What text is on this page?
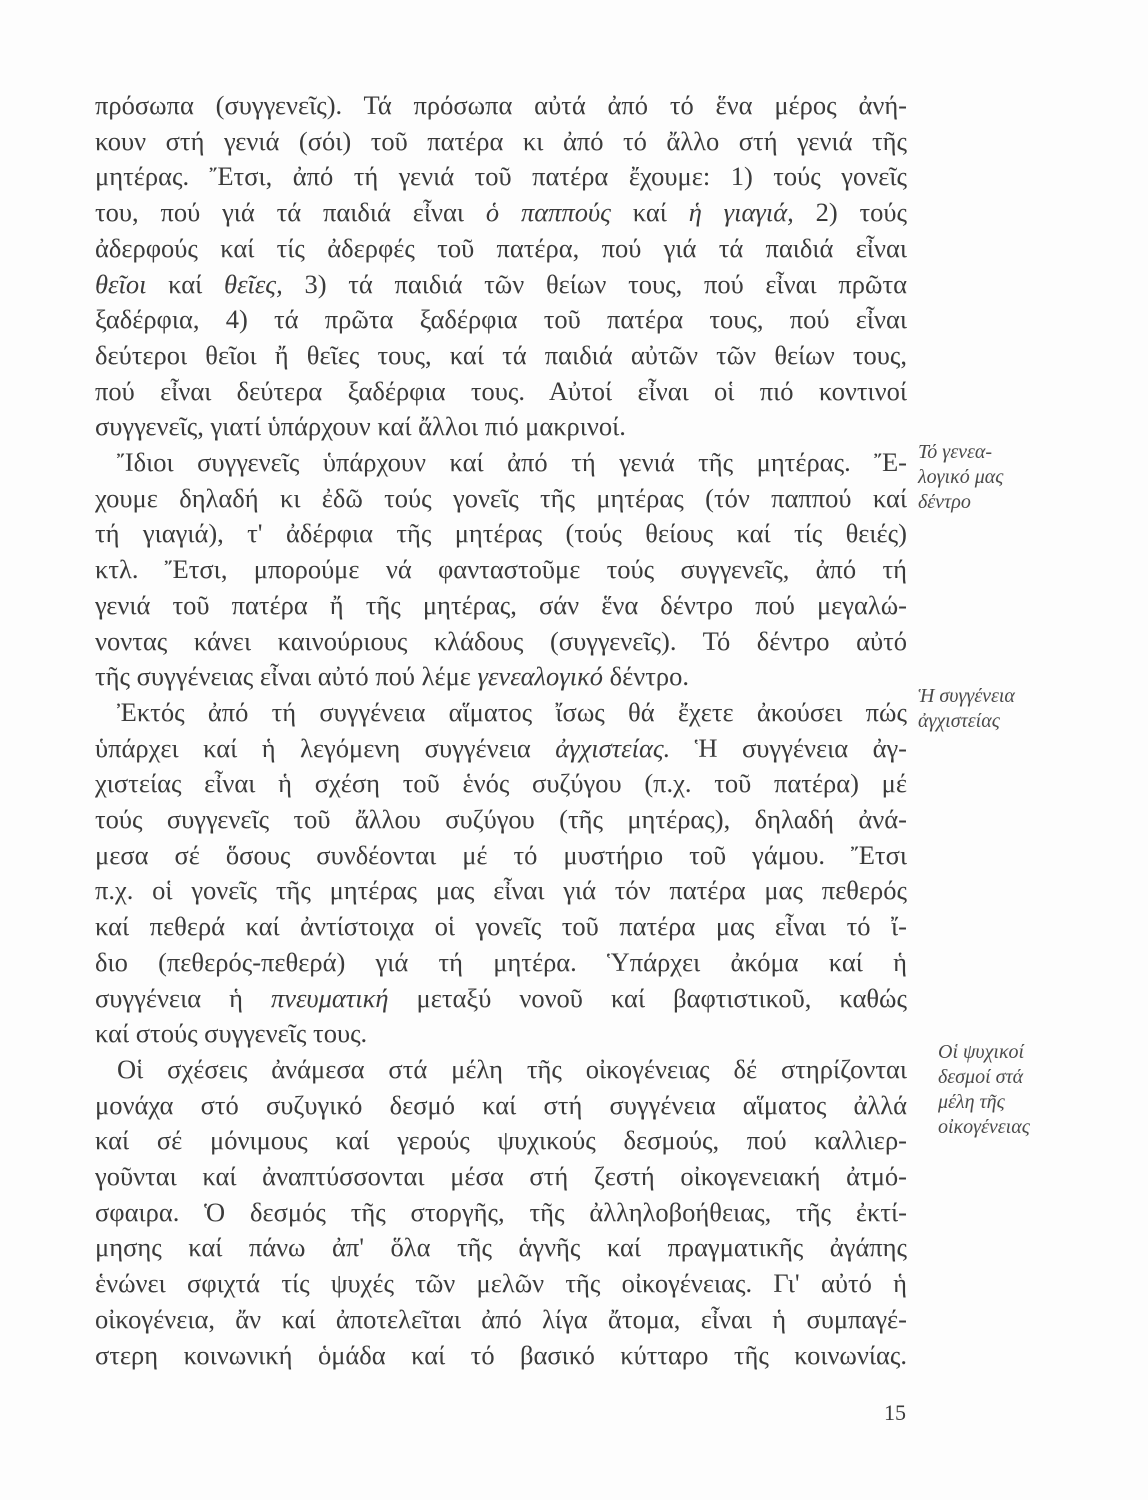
πρόσωπα (συγγενεῖς). Τά πρόσωπα αὐτά ἀπό τό ἕνα μέρος ἀνή-
κουν στή γενιά (σόι) τοῦ πατέρα κι ἀπό τό ἄλλο στή γενιά τῆς
μητέρας. Ἔτσι, ἀπό τή γενιά τοῦ πατέρα ἔχουμε: 1) τούς γονεῖς
του, πού γιά τά παιδιά εἶναι ὁ παππούς καί ἡ γιαγιά, 2) τούς
ἀδερφούς καί τίς ἀδερφές τοῦ πατέρα, πού γιά τά παιδιά εἶναι
θεῖοι καί θεῖες, 3) τά παιδιά τῶν θείων τους, πού εἶναι πρῶτα
ξαδέρφια, 4) τά πρῶτα ξαδέρφια τοῦ πατέρα τους, πού εἶναι
δεύτεροι θεῖοι ἤ θεῖες τους, καί τά παιδιά αὐτῶν τῶν θείων τους,
πού εἶναι δεύτερα ξαδέρφια τους. Αὐτοί εἶναι οἱ πιό κοντινοί
συγγενεῖς, γιατί ὑπάρχουν καί ἄλλοι πιό μακρινοί.
Ἴδιοι συγγενεῖς ὑπάρχουν καί ἀπό τή γενιά τῆς μητέρας. Ἔ-
χουμε δηλαδή κι ἐδῶ τούς γονεῖς τῆς μητέρας (τόν παππού καί
τή γιαγιά), τ' ἀδέρφια τῆς μητέρας (τούς θείους καί τίς θειές)
κτλ. Ἔτσι, μπορούμε νά φανταστοῦμε τούς συγγενεῖς, ἀπό τή
γενιά τοῦ πατέρα ἤ τῆς μητέρας, σάν ἕνα δέντρο πού μεγαλώ-
νοντας κάνει καινούριους κλάδους (συγγενεῖς). Τό δέντρο αὐτό
τῆς συγγένειας εἶναι αὐτό πού λέμε γενεαλογικό δέντρο.
Ἐκτός ἀπό τή συγγένεια αἵματος ἴσως θά ἔχετε ἀκούσει πώς
ὑπάρχει καί ἡ λεγόμενη συγγένεια ἀγχιστείας. Ἡ συγγένεια ἀγ-
χιστείας εἶναι ἡ σχέση τοῦ ἑνός συζύγου (π.χ. τοῦ πατέρα) μέ
τούς συγγενεῖς τοῦ ἄλλου συζύγου (τῆς μητέρας), δηλαδή ἀνά-
μεσα σέ ὅσους συνδέονται μέ τό μυστήριο τοῦ γάμου. Ἔτσι
π.χ. οἱ γονεῖς τῆς μητέρας μας εἶναι γιά τόν πατέρα μας πεθερός
καί πεθερά καί ἀντίστοιχα οἱ γονεῖς τοῦ πατέρα μας εἶναι τό ἴ-
διο (πεθερός-πεθερά) γιά τή μητέρα. Ὑπάρχει ἀκόμα καί ἡ
συγγένεια ἡ πνευματική μεταξύ νονοῦ καί βαφτιστικοῦ, καθώς
καί στούς συγγενεῖς τους.
Οἱ σχέσεις ἀνάμεσα στά μέλη τῆς οἰκογένειας δέ στηρίζονται
μονάχα στό συζυγικό δεσμό καί στή συγγένεια αἵματος ἀλλά
καί σέ μόνιμους καί γερούς ψυχικούς δεσμούς, πού καλλιερ-
γοῦνται καί ἀναπτύσσονται μέσα στή ζεστή οἰκογενειακή ἀτμό-
σφαιρα. Ὁ δεσμός τῆς στοργῆς, τῆς ἀλληλοβοήθειας, τῆς ἐκτί-
μησης καί πάνω ἀπ' ὅλα τῆς ἁγνῆς καί πραγματικῆς ἀγάπης
ἑνώνει σφιχτά τίς ψυχές τῶν μελῶν τῆς οἰκογένειας. Γι' αὐτό ἡ
οἰκογένεια, ἄν καί ἀποτελεῖται ἀπό λίγα ἄτομα, εἶναι ἡ συμπαγέ-
στερη κοινωνική ὁμάδα καί τό βασικό κύτταρο τῆς κοινωνίας.
Τό γενεα-
λογικό μας
δέντρο
Ἡ συγγένεια
ἀγχιστείας
Οἱ ψυχικοί
δεσμοί στά
μέλη τῆς
οἰκογένειας
15
